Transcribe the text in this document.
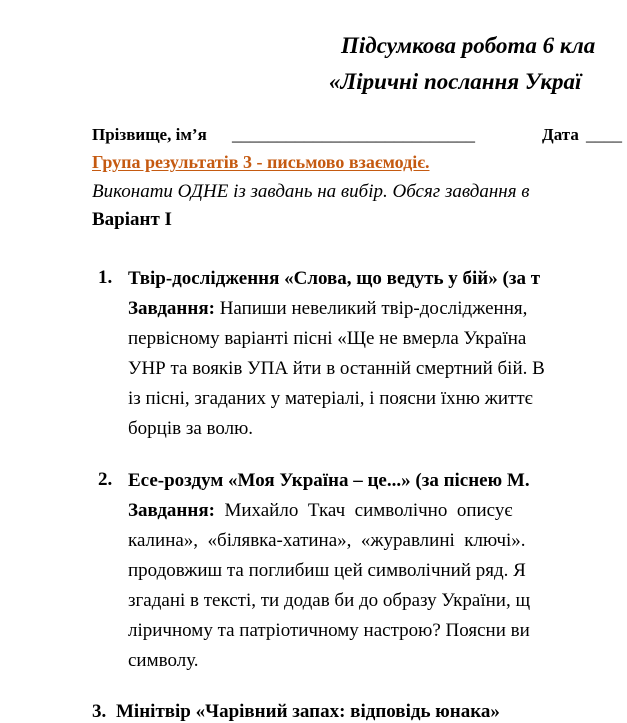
Підсумкова робота 6 кла
«Ліричні послання Украї
Прізвище, ім’я ___________________________	Дата ____
Група результатів 3 - письмово взаємодіє.
Виконати ОДНЕ із завдань на вибір. Обсяг завдання в
Варіант І
1. Твір-дослідження «Слова, що ведуть у бій» (за т
Завдання: Напиши невеликий твір-дослідження,
первісному варіанті пісні «Ще не вмерла Україна
УНР та вояків УПА йти в останній смертний бій. В
із пісні, згаданих у матеріалі, і поясни їхню життє
борців за волю.
2. Есе-роздум «Моя Україна – це...» (за піснею М.
Завдання:  Михайло  Ткач  символічно  описує
калина»,  «білявка-хатина»,  «журавлині  ключі».
продовжиш та поглибиш цей символічний ряд. Я
згадані в тексті, ти додав би до образу України, щ
ліричному та патріотичному настрою? Поясни ви
символу.
3. Мінітвір «Чарівний запах: відповідь юнака»
